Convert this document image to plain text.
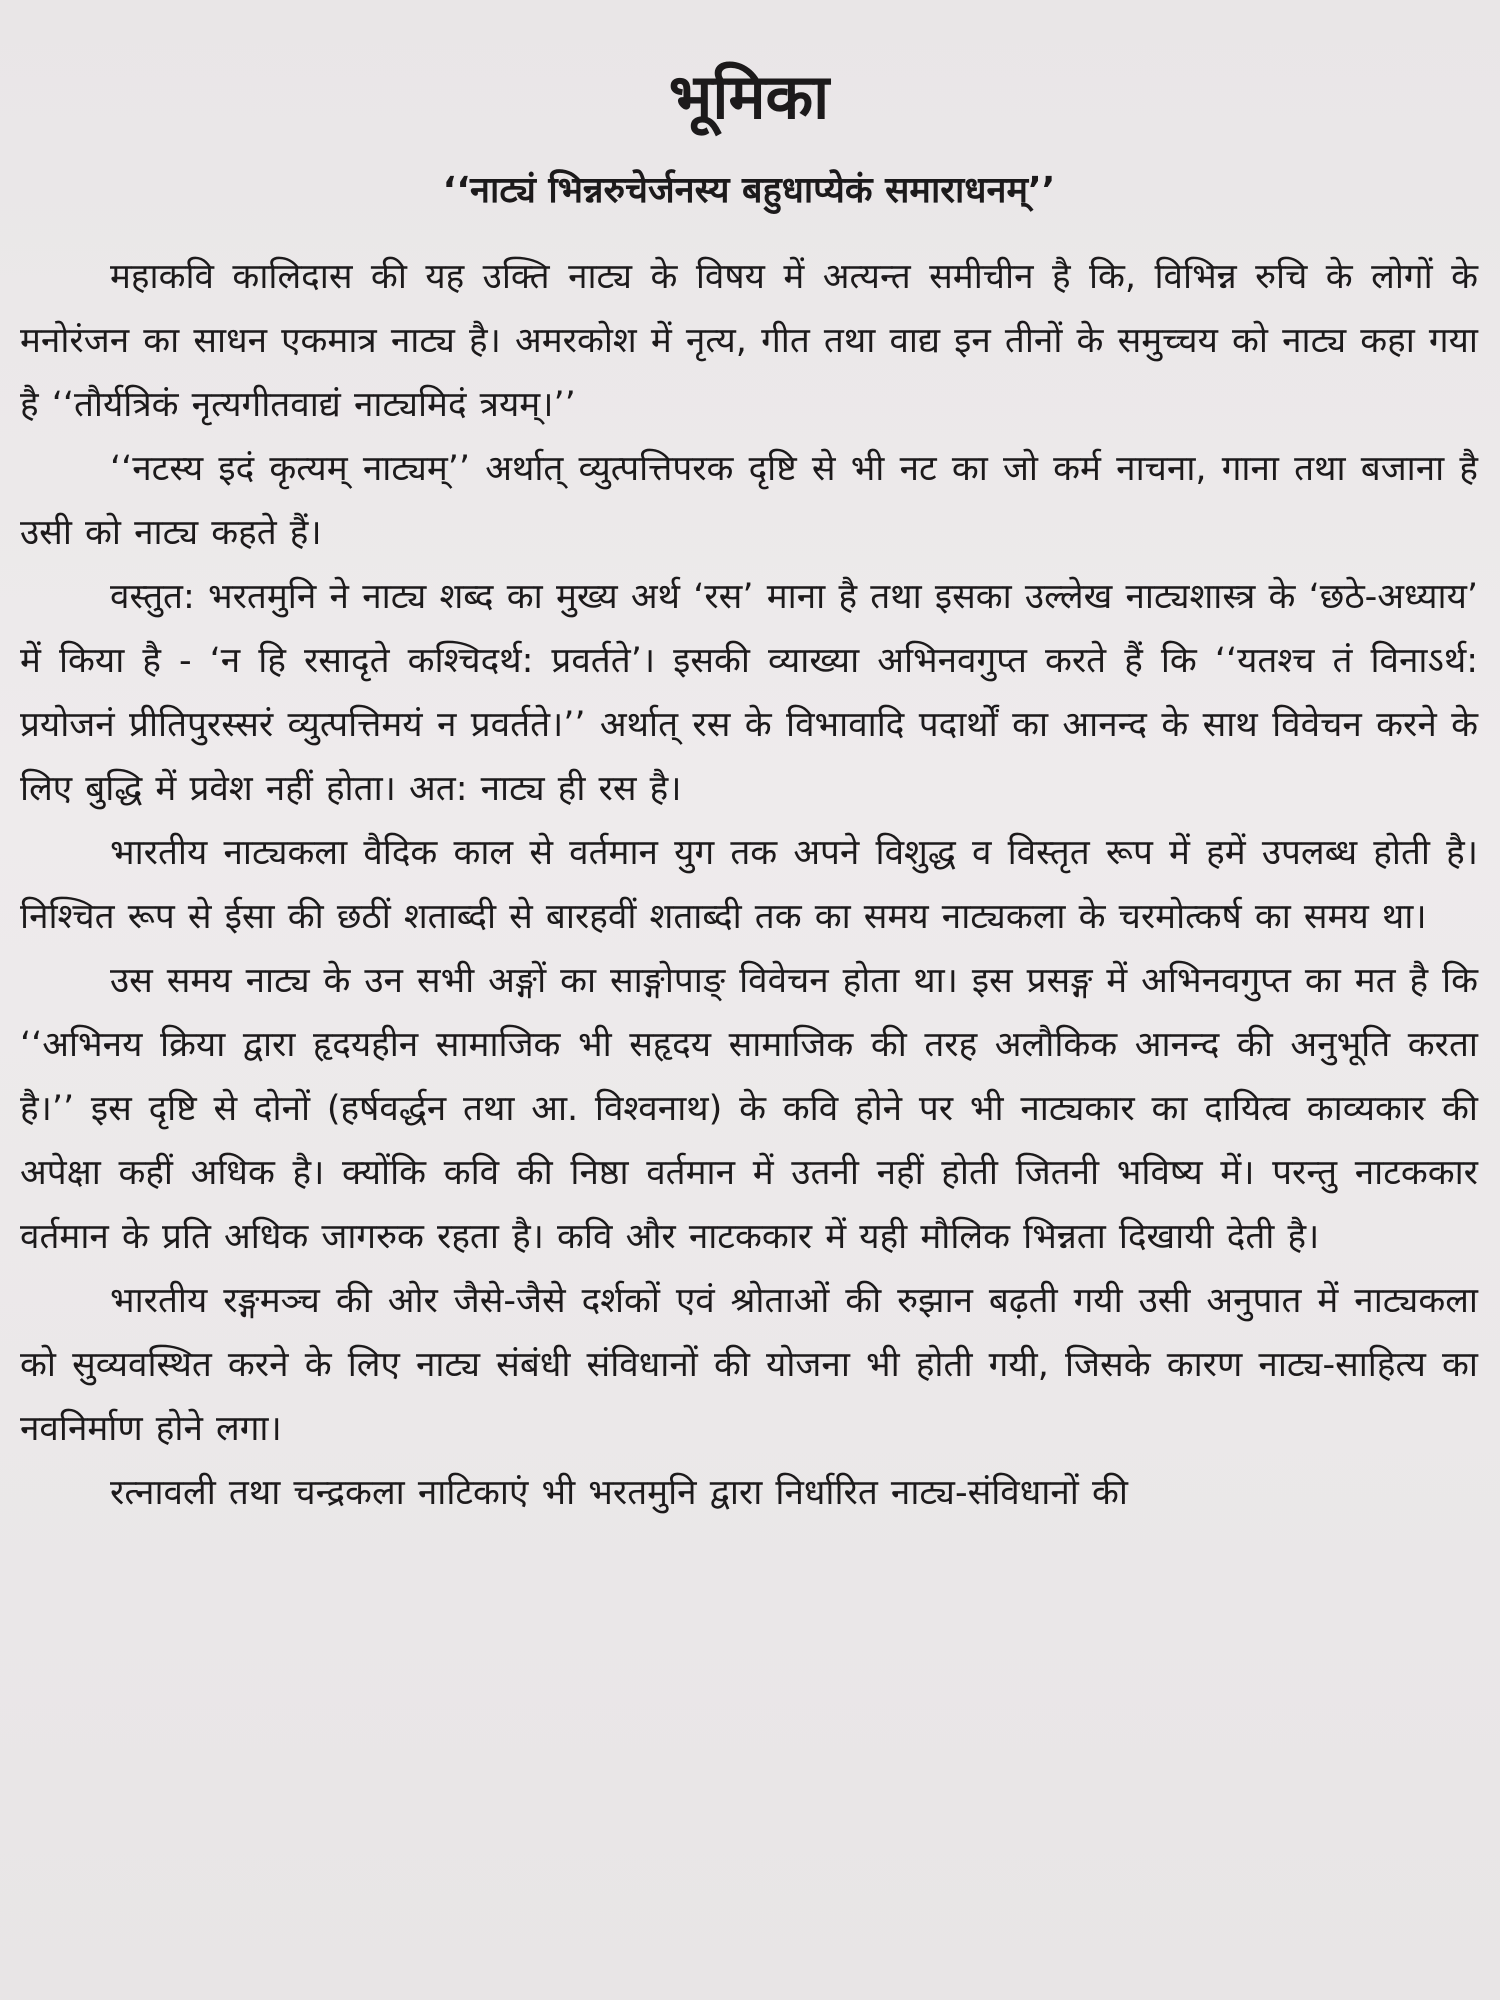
भूमिका
‘‘नाट्यं भिन्नरुचेर्जनस्य बहुधाप्येकं समाराधनम्’’

महाकवि कालिदास की यह उक्ति नाट्य के विषय में अत्यन्त समीचीन है कि, विभिन्न रुचि के लोगों के मनोरंजन का साधन एकमात्र नाट्य है। अमरकोश में नृत्य, गीत तथा वाद्य इन तीनों के समुच्चय को नाट्य कहा गया है ‘‘तौर्यत्रिकं नृत्यगीतवाद्यं नाट्यमिदं त्रयम्।’’

‘‘नटस्य इदं कृत्यम् नाट्यम्’’ अर्थात् व्युत्पत्तिपरक दृष्टि से भी नट का जो कर्म नाचना, गाना तथा बजाना है उसी को नाट्य कहते हैं।

वस्तुत: भरतमुनि ने नाट्य शब्द का मुख्य अर्थ ‘रस’ माना है तथा इसका उल्लेख नाट्यशास्त्र के ‘छठे-अध्याय’ में किया है - ‘न हि रसादृते कश्चिदर्थ: प्रवर्तते’। इसकी व्याख्या अभिनवगुप्त करते हैं कि ‘‘यतश्च तं विनाऽर्थ: प्रयोजनं प्रीतिपुरस्सरं व्युत्पत्तिमयं न प्रवर्तते।’’ अर्थात् रस के विभावादि पदार्थों का आनन्द के साथ विवेचन करने के लिए बुद्धि में प्रवेश नहीं होता। अत: नाट्य ही रस है।

भारतीय नाट्यकला वैदिक काल से वर्तमान युग तक अपने विशुद्ध व विस्तृत रूप में हमें उपलब्ध होती है। निश्चित रूप से ईसा की छठीं शताब्दी से बारहवीं शताब्दी तक का समय नाट्यकला के चरमोत्कर्ष का समय था।

उस समय नाट्य के उन सभी अङ्गों का साङ्गोपाङ् विवेचन होता था। इस प्रसङ्ग में अभिनवगुप्त का मत है कि ‘‘अभिनय क्रिया द्वारा हृदयहीन सामाजिक भी सहृदय सामाजिक की तरह अलौकिक आनन्द की अनुभूति करता है।’’ इस दृष्टि से दोनों (हर्षवर्द्धन तथा आ. विश्वनाथ) के कवि होने पर भी नाट्यकार का दायित्व काव्यकार की अपेक्षा कहीं अधिक है। क्योंकि कवि की निष्ठा वर्तमान में उतनी नहीं होती जितनी भविष्य में। परन्तु नाटककार वर्तमान के प्रति अधिक जागरुक रहता है। कवि और नाटककार में यही मौलिक भिन्नता दिखायी देती है।

भारतीय रङ्गमञ्च की ओर जैसे-जैसे दर्शकों एवं श्रोताओं की रुझान बढ़ती गयी उसी अनुपात में नाट्यकला को सुव्यवस्थित करने के लिए नाट्य संबंधी संविधानों की योजना भी होती गयी, जिसके कारण नाट्य-साहित्य का नवनिर्माण होने लगा।

रत्नावली तथा चन्द्रकला नाटिकाएं भी भरतमुनि द्वारा निर्धारित नाट्य-संविधानों की
